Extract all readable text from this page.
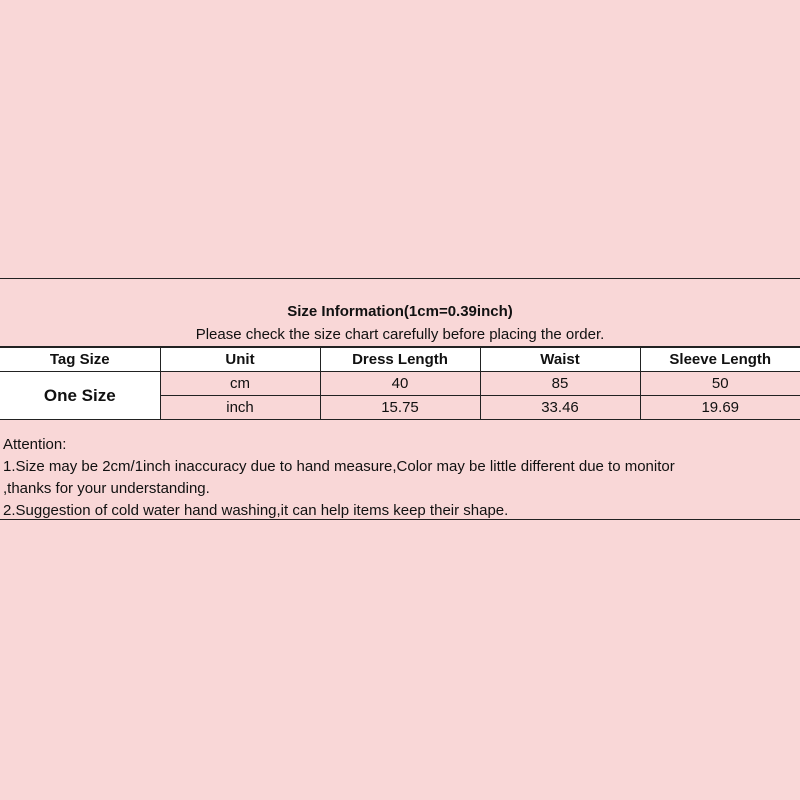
Size Information(1cm=0.39inch)
Please check the size chart carefully before placing the order.
Tag Size	Unit	Dress Length	Waist	Sleeve Length
One Size	cm	40	85	50
	inch	15.75	33.46	19.69
Attention:
1.Size may be 2cm/1inch inaccuracy due to hand measure,Color may be little different due to monitor
,thanks for your understanding.
2.Suggestion of cold water hand washing,it can help items keep their shape.
